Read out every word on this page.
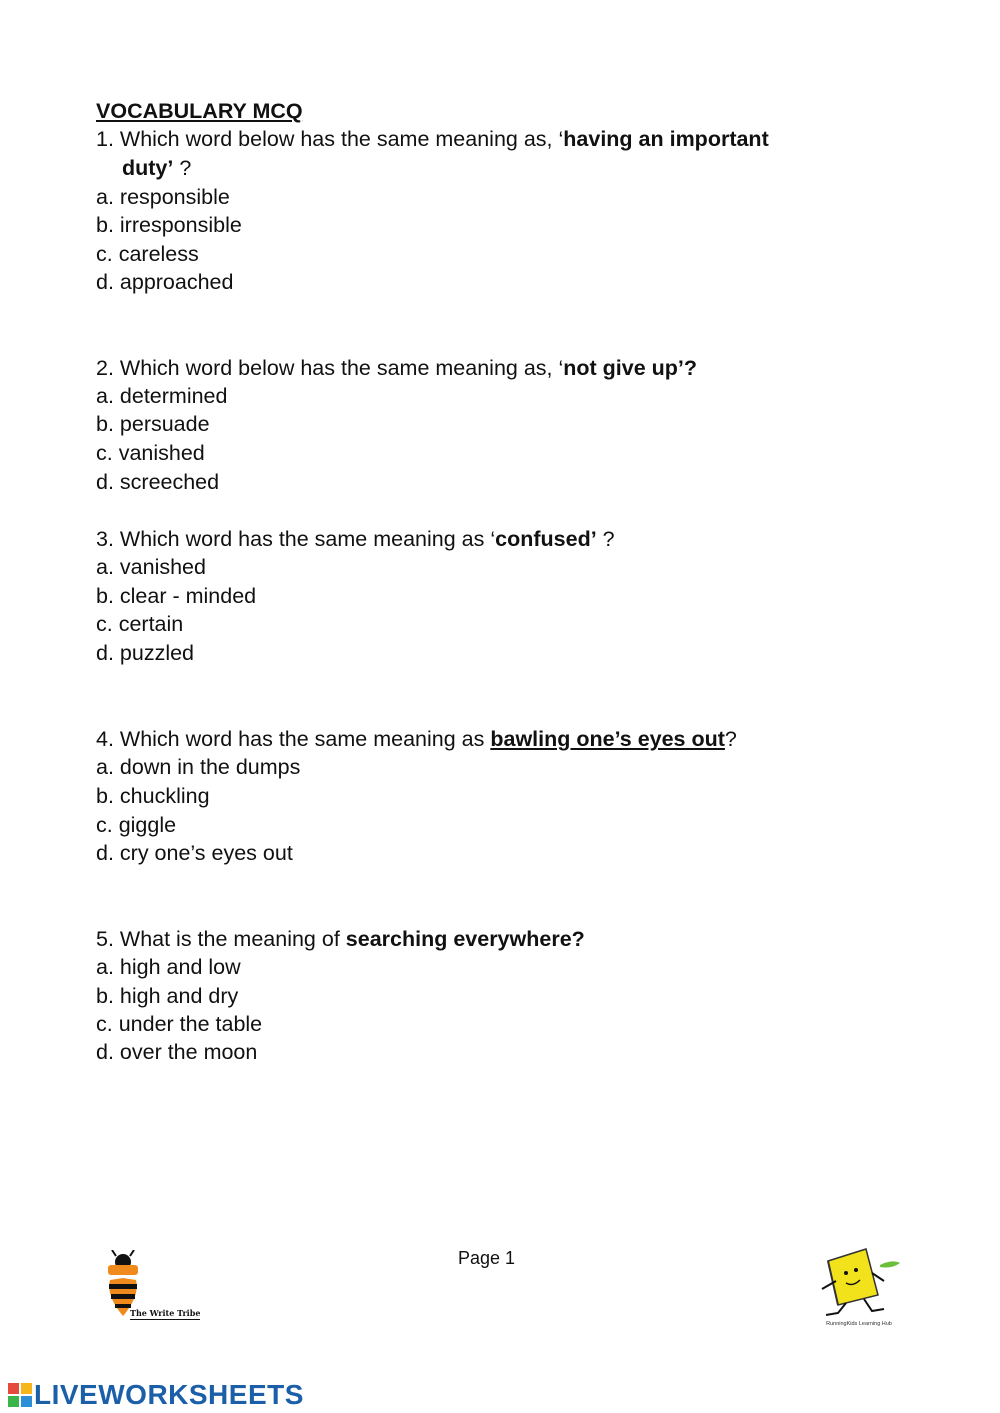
VOCABULARY MCQ
1. Which word below has the same meaning as, ‘having an important
duty’ ?
a. responsible
b. irresponsible
c. careless
d. approached
2. Which word below has the same meaning as, ‘not give up’?
a. determined
b. persuade
c. vanished
d. screeched
3. Which word has the same meaning as ‘confused’ ?
a. vanished
b. clear - minded
c. certain
d. puzzled
4. Which word has the same meaning as bawling one’s eyes out?
a. down in the dumps
b. chuckling
c. giggle
d. cry one’s eyes out
5. What is the meaning of searching everywhere?
a. high and low
b. high and dry
c. under the table
d. over the moon
Page 1
The Write Tribe
RunningKids Learning Hub
LIVEWORKSHEETS
